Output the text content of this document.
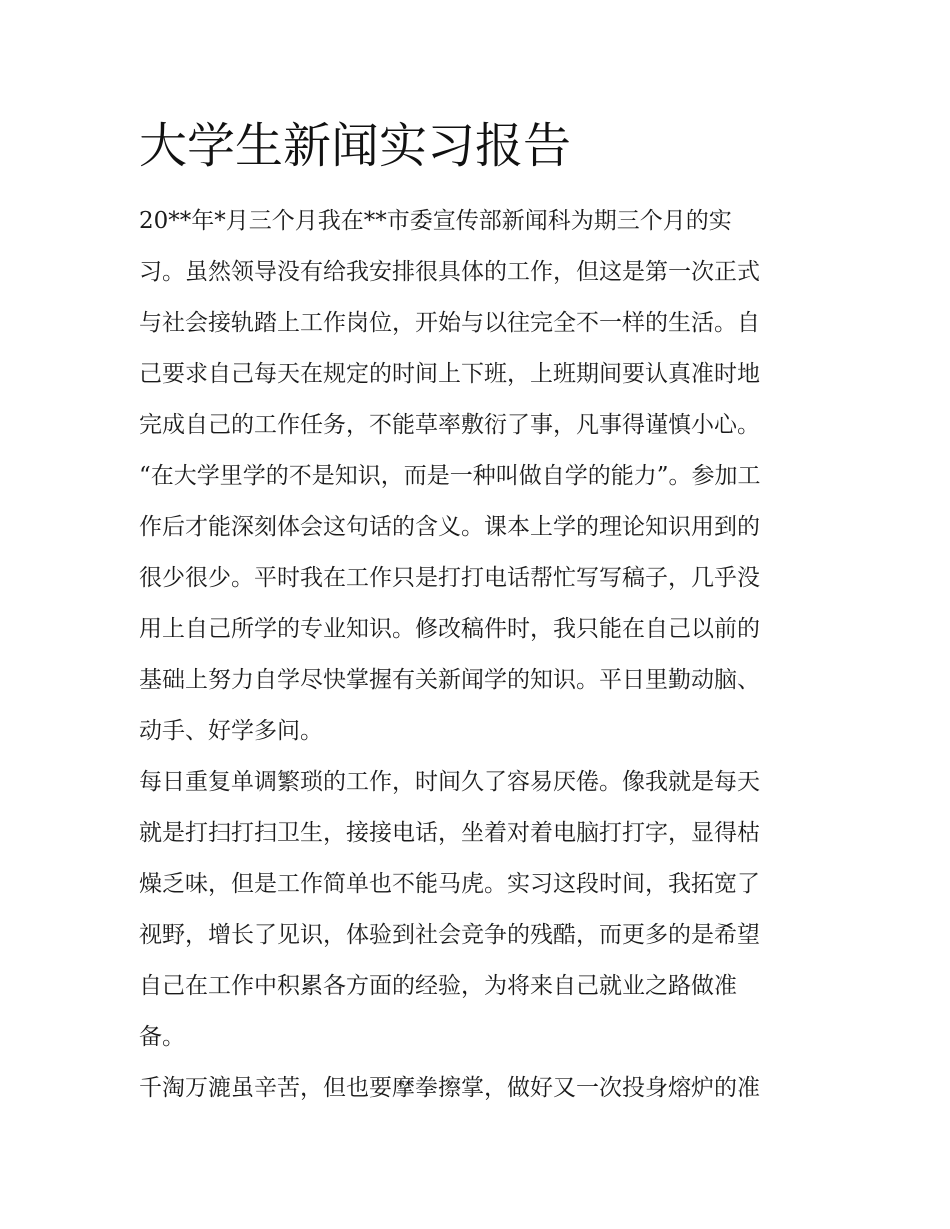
大学生新闻实习报告

20**年*月三个月我在**市委宣传部新闻科为期三个月的实

习。虽然领导没有给我安排很具体的工作，但这是第一次正式

与社会接轨踏上工作岗位，开始与以往完全不一样的生活。自

己要求自己每天在规定的时间上下班，上班期间要认真准时地

完成自己的工作任务，不能草率敷衍了事，凡事得谨慎小心。

“在大学里学的不是知识，而是一种叫做自学的能力”。参加工

作后才能深刻体会这句话的含义。课本上学的理论知识用到的

很少很少。平时我在工作只是打打电话帮忙写写稿子，几乎没

用上自己所学的专业知识。修改稿件时，我只能在自己以前的

基础上努力自学尽快掌握有关新闻学的知识。平日里勤动脑、

动手、好学多问。

每日重复单调繁琐的工作，时间久了容易厌倦。像我就是每天

就是打扫打扫卫生，接接电话，坐着对着电脑打打字，显得枯

燥乏味，但是工作简单也不能马虎。实习这段时间，我拓宽了

视野，增长了见识，体验到社会竞争的残酷，而更多的是希望

自己在工作中积累各方面的经验，为将来自己就业之路做准

备。

千淘万漉虽辛苦，但也要摩拳擦掌，做好又一次投身熔炉的准
